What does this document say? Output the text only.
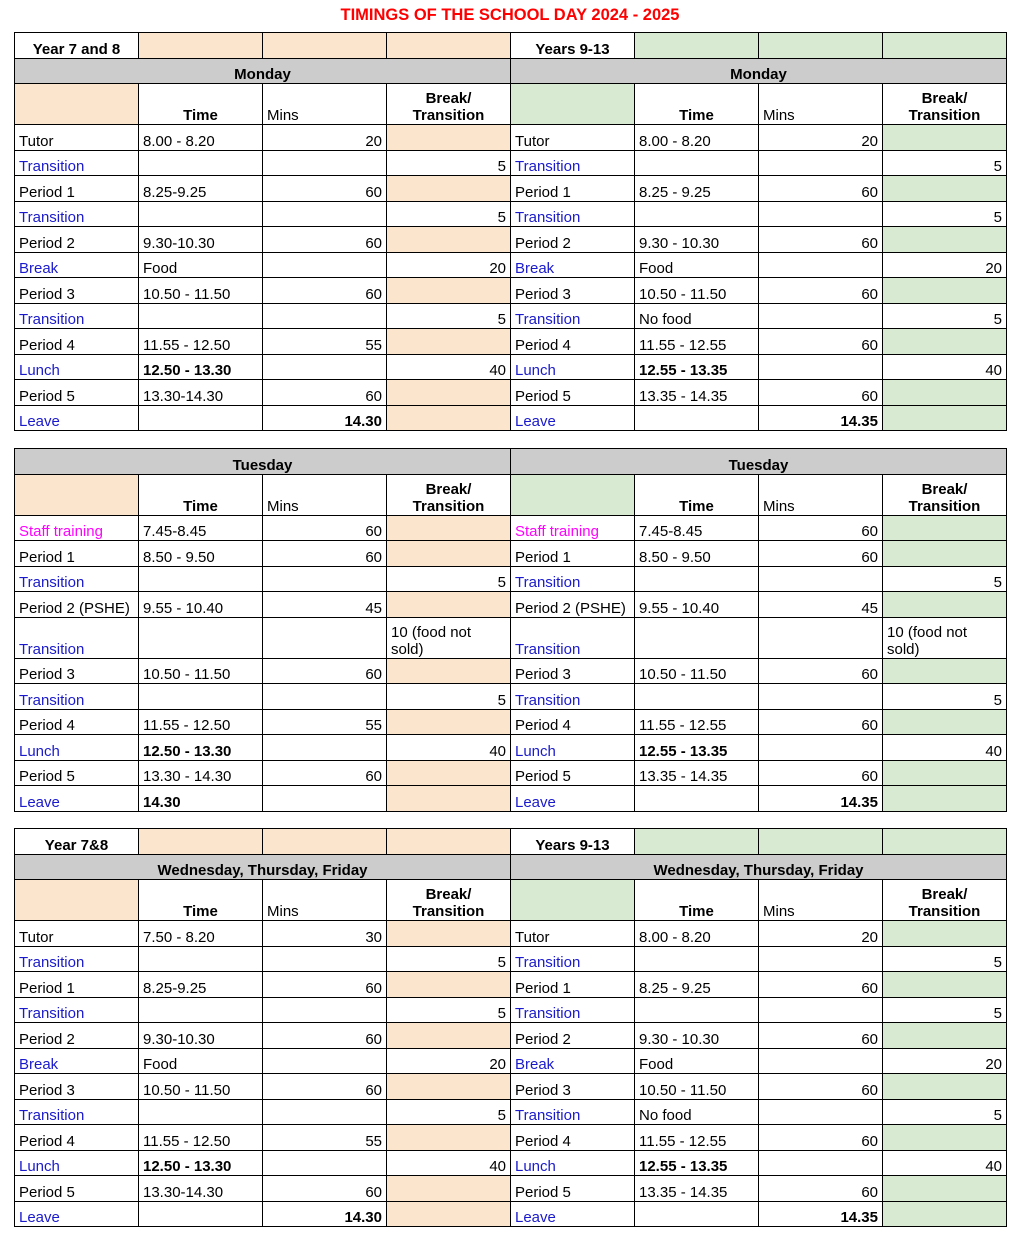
TIMINGS OF THE SCHOOL DAY 2024 - 2025
Year 7 and 8				Years 9-13			
Monday				Monday			
	Time	Mins	Break/ Transition		Time	Mins	Break/ Transition
Tutor	8.00 - 8.20	20		Tutor	8.00 - 8.20	20	
Transition			5	Transition			5
Period 1	8.25-9.25	60		Period 1	8.25 - 9.25	60	
Transition			5	Transition			5
Period 2	9.30-10.30	60		Period 2	9.30 - 10.30	60	
Break	Food		20	Break	Food		20
Period 3	10.50 - 11.50	60		Period 3	10.50 - 11.50	60	
Transition			5	Transition	No food		5
Period 4	11.55 - 12.50	55		Period 4	11.55 - 12.55	60	
Lunch	12.50 - 13.30		40	Lunch	12.55 - 13.35		40
Period 5	13.30-14.30	60		Period 5	13.35 - 14.35	60	
Leave		14.30		Leave		14.35	
Tuesday				Tuesday			
	Time	Mins	Break/ Transition		Time	Mins	Break/ Transition
Staff training	7.45-8.45	60		Staff training	7.45-8.45	60	
Period 1	8.50 - 9.50	60		Period 1	8.50 - 9.50	60	
Transition			5	Transition			5
Period 2 (PSHE)	9.55 - 10.40	45		Period 2 (PSHE)	9.55 - 10.40	45	
Transition			10 (food not sold)	Transition			10 (food not sold)
Period 3	10.50 - 11.50	60		Period 3	10.50 - 11.50	60	
Transition			5	Transition			5
Period 4	11.55 - 12.50	55		Period 4	11.55 - 12.55	60	
Lunch	12.50 - 13.30		40	Lunch	12.55 - 13.35		40
Period 5	13.30 - 14.30	60		Period 5	13.35 - 14.35	60	
Leave	14.30			Leave		14.35	
Year 7&8				Years 9-13			
Wednesday, Thursday, Friday				Wednesday, Thursday, Friday			
	Time	Mins	Break/ Transition		Time	Mins	Break/ Transition
Tutor	7.50 - 8.20	30		Tutor	8.00 - 8.20	20	
Transition			5	Transition			5
Period 1	8.25-9.25	60		Period 1	8.25 - 9.25	60	
Transition			5	Transition			5
Period 2	9.30-10.30	60		Period 2	9.30 - 10.30	60	
Break	Food		20	Break	Food		20
Period 3	10.50 - 11.50	60		Period 3	10.50 - 11.50	60	
Transition			5	Transition	No food		5
Period 4	11.55 - 12.50	55		Period 4	11.55 - 12.55	60	
Lunch	12.50 - 13.30		40	Lunch	12.55 - 13.35		40
Period 5	13.30-14.30	60		Period 5	13.35 - 14.35	60	
Leave		14.30		Leave		14.35	
